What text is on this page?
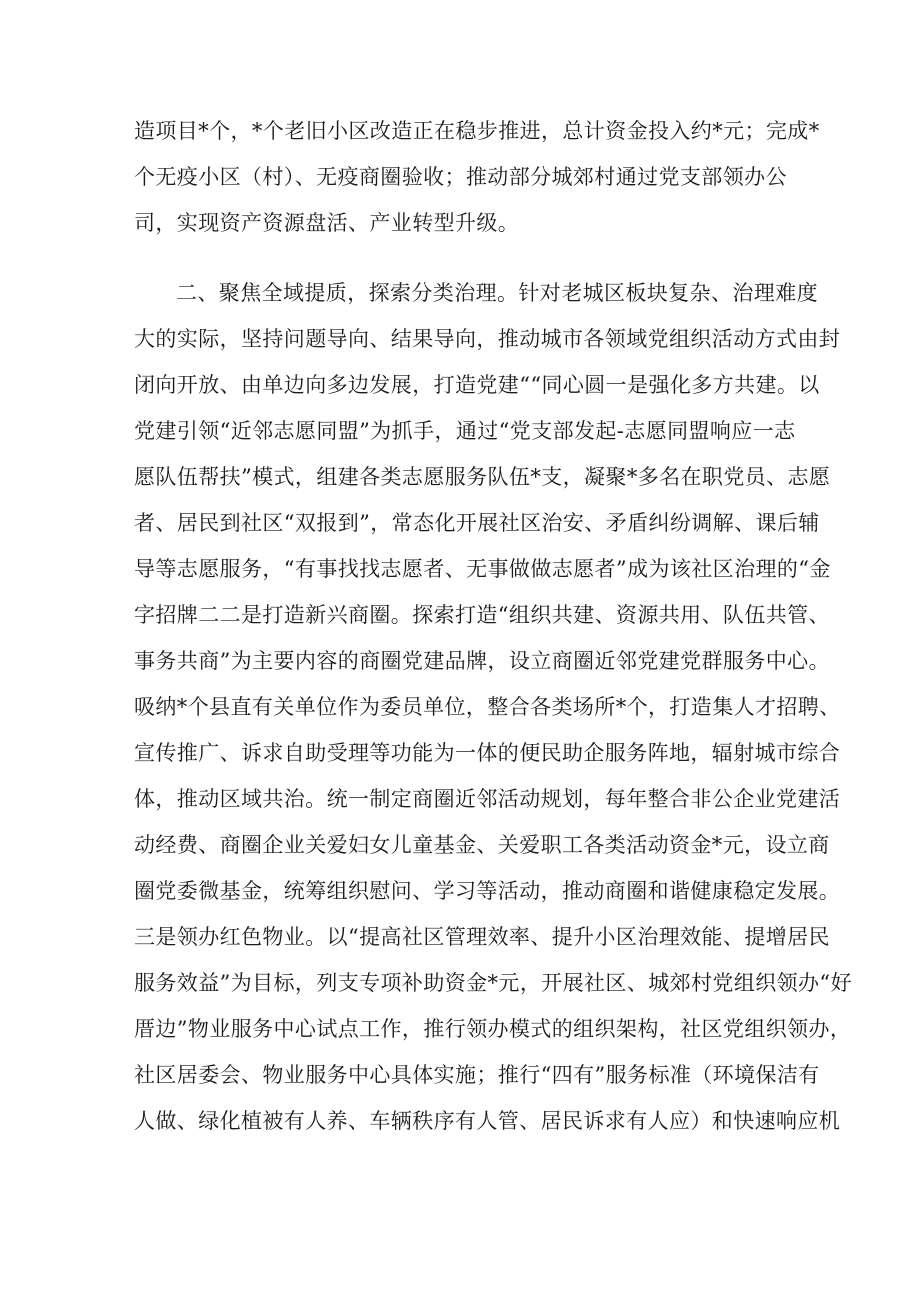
造项目*个，*个老旧小区改造正在稳步推进，总计资金投入约*元；完成*
个无疫小区（村）、无疫商圈验收；推动部分城郊村通过党支部领办公
司，实现资产资源盘活、产业转型升级。
二、聚焦全域提质，探索分类治理。针对老城区板块复杂、治理难度
大的实际，坚持问题导向、结果导向，推动城市各领域党组织活动方式由封
闭向开放、由单边向多边发展，打造党建““同心圆一是强化多方共建。以
党建引领“近邻志愿同盟”为抓手，通过“党支部发起-志愿同盟响应一志
愿队伍帮扶”模式，组建各类志愿服务队伍*支，凝聚*多名在职党员、志愿
者、居民到社区“双报到”，常态化开展社区治安、矛盾纠纷调解、课后辅
导等志愿服务，“有事找找志愿者、无事做做志愿者”成为该社区治理的“金
字招牌二二是打造新兴商圈。探索打造“组织共建、资源共用、队伍共管、
事务共商”为主要内容的商圈党建品牌，设立商圈近邻党建党群服务中心。
吸纳*个县直有关单位作为委员单位，整合各类场所*个，打造集人才招聘、
宣传推广、诉求自助受理等功能为一体的便民助企服务阵地，辐射城市综合
体，推动区域共治。统一制定商圈近邻活动规划，每年整合非公企业党建活
动经费、商圈企业关爱妇女儿童基金、关爱职工各类活动资金*元，设立商
圈党委微基金，统筹组织慰问、学习等活动，推动商圈和谐健康稳定发展。
三是领办红色物业。以“提高社区管理效率、提升小区治理效能、提增居民
服务效益”为目标，列支专项补助资金*元，开展社区、城郊村党组织领办“好
厝边”物业服务中心试点工作，推行领办模式的组织架构，社区党组织领办，
社区居委会、物业服务中心具体实施；推行“四有”服务标准（环境保洁有
人做、绿化植被有人养、车辆秩序有人管、居民诉求有人应）和快速响应机
